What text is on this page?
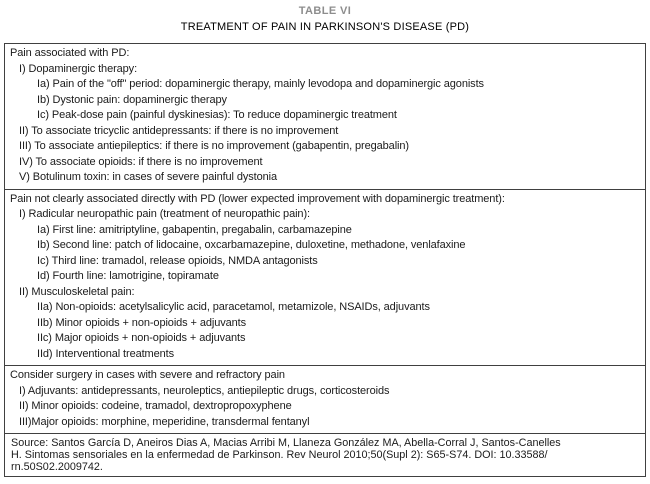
TABLE VI
TREATMENT OF PAIN IN PARKINSON'S DISEASE (PD)
Pain associated with PD:
I) Dopaminergic therapy:
Ia) Pain of the "off" period: dopaminergic therapy, mainly levodopa and dopaminergic agonists
Ib) Dystonic pain: dopaminergic therapy
Ic) Peak-dose pain (painful dyskinesias): To reduce dopaminergic treatment
II) To associate tricyclic antidepressants: if there is no improvement
III) To associate antiepileptics: if there is no improvement (gabapentin, pregabalin)
IV) To associate opioids: if there is no improvement
V) Botulinum toxin: in cases of severe painful dystonia
Pain not clearly associated directly with PD (lower expected improvement with dopaminergic treatment):
I) Radicular neuropathic pain (treatment of neuropathic pain):
Ia) First line: amitriptyline, gabapentin, pregabalin, carbamazepine
Ib) Second line: patch of lidocaine, oxcarbamazepine, duloxetine, methadone, venlafaxine
Ic) Third line: tramadol, release opioids, NMDA antagonists
Id) Fourth line: lamotrigine, topiramate
II) Musculoskeletal pain:
IIa) Non-opioids: acetylsalicylic acid, paracetamol, metamizole, NSAIDs, adjuvants
IIb) Minor opioids + non-opioids + adjuvants
IIc) Major opioids + non-opioids + adjuvants
IId) Interventional treatments
Consider surgery in cases with severe and refractory pain
I) Adjuvants: antidepressants, neuroleptics, antiepileptic drugs, corticosteroids
II) Minor opioids: codeine, tramadol, dextropropoxyphene
III)Major opioids: morphine, meperidine, transdermal fentanyl
Source: Santos García D, Aneiros Dias A, Macias Arribi M, Llaneza González MA, Abella-Corral J, Santos-Canelles
H. Sintomas sensoriales en la enfermedad de Parkinson. Rev Neurol 2010;50(Supl 2): S65-S74. DOI: 10.33588/
rn.50S02.2009742.
